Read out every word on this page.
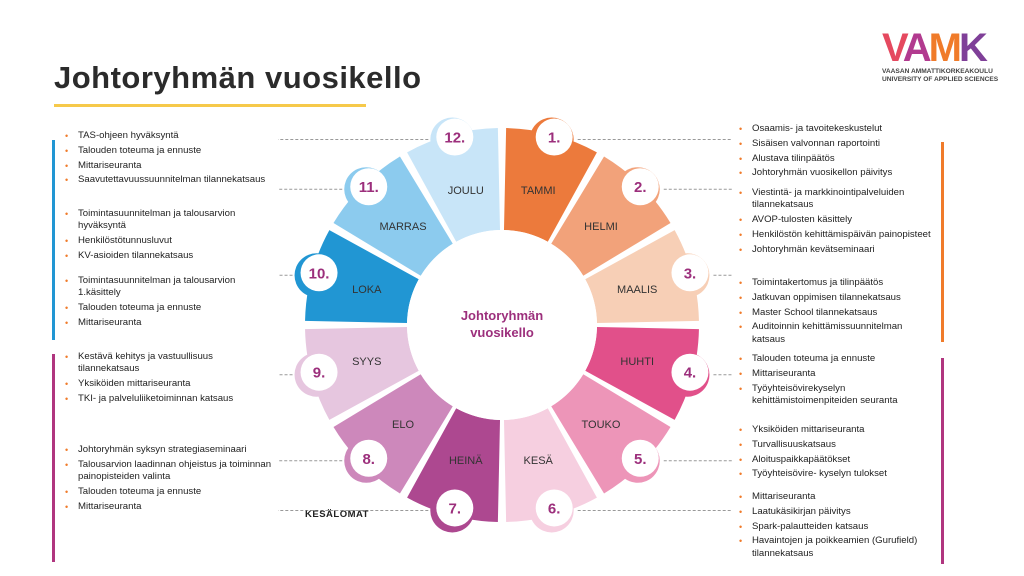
Johtoryhmän vuosikello
VAMK
VAASAN AMMATTIKORKEAKOULU
UNIVERSITY OF APPLIED SCIENCES
• TAS-ohjeen hyväksyntä
• Talouden toteuma ja ennuste
• Mittariseuranta
• Saavutettavuussuunnitelman tilannekatsaus
• Toimintasuunnitelman ja talousarvion hyväksyntä
• Henkilöstötunnusluvut
• KV-asioiden tilannekatsaus
• Toimintasuunnitelman ja talousarvion 1.käsittely
• Talouden toteuma ja ennuste
• Mittariseuranta
• Kestävä kehitys ja vastuullisuus tilannekatsaus
• Yksiköiden mittariseuranta
• TKI- ja palveluliiketoiminnan katsaus
• Johtoryhmän syksyn strategiaseminaari
• Talousarvion laadinnan ohjeistus ja toiminnan painopisteiden valinta
• Talouden toteuma ja ennuste
• Mittariseuranta
• Osaamis- ja tavoitekeskustelut
• Sisäisen valvonnan raportointi
• Alustava tilinpäätös
• Johtoryhmän vuosikellon päivitys
• Viestintä- ja markkinointipalveluiden tilannekatsaus
• AVOP-tulosten käsittely
• Henkilöstön kehittämispäivän painopisteet
• Johtoryhmän kevätseminaari
• Toimintakertomus ja tilinpäätös
• Jatkuvan oppimisen tilannekatsaus
• Master School tilannekatsaus
• Auditoinnin kehittämissuunnitelman katsaus
• Talouden toteuma ja ennuste
• Mittariseuranta
• Työyhteisövirekyselyn kehittämistoimenpiteiden seuranta
• Yksiköiden mittariseuranta
• Turvallisuuskatsaus
• Aloituspaikkapäätökset
• Työyhteisövire- kyselyn tulokset
• Mittariseuranta
• Laatukäsikirjan päivitys
• Spark-palautteiden katsaus
• Havaintojen ja poikkeamien (Gurufield) tilannekatsaus
TAMMI
HELMI
MAALIS
HUHTI
TOUKO
KESÄ
HEINÄ
ELO
SYYS
LOKA
MARRAS
JOULU
Johtoryhmän
vuosikello
1.
2.
3.
4.
5.
6.
7.
8.
9.
10.
11.
12.
KESÄLOMAT
